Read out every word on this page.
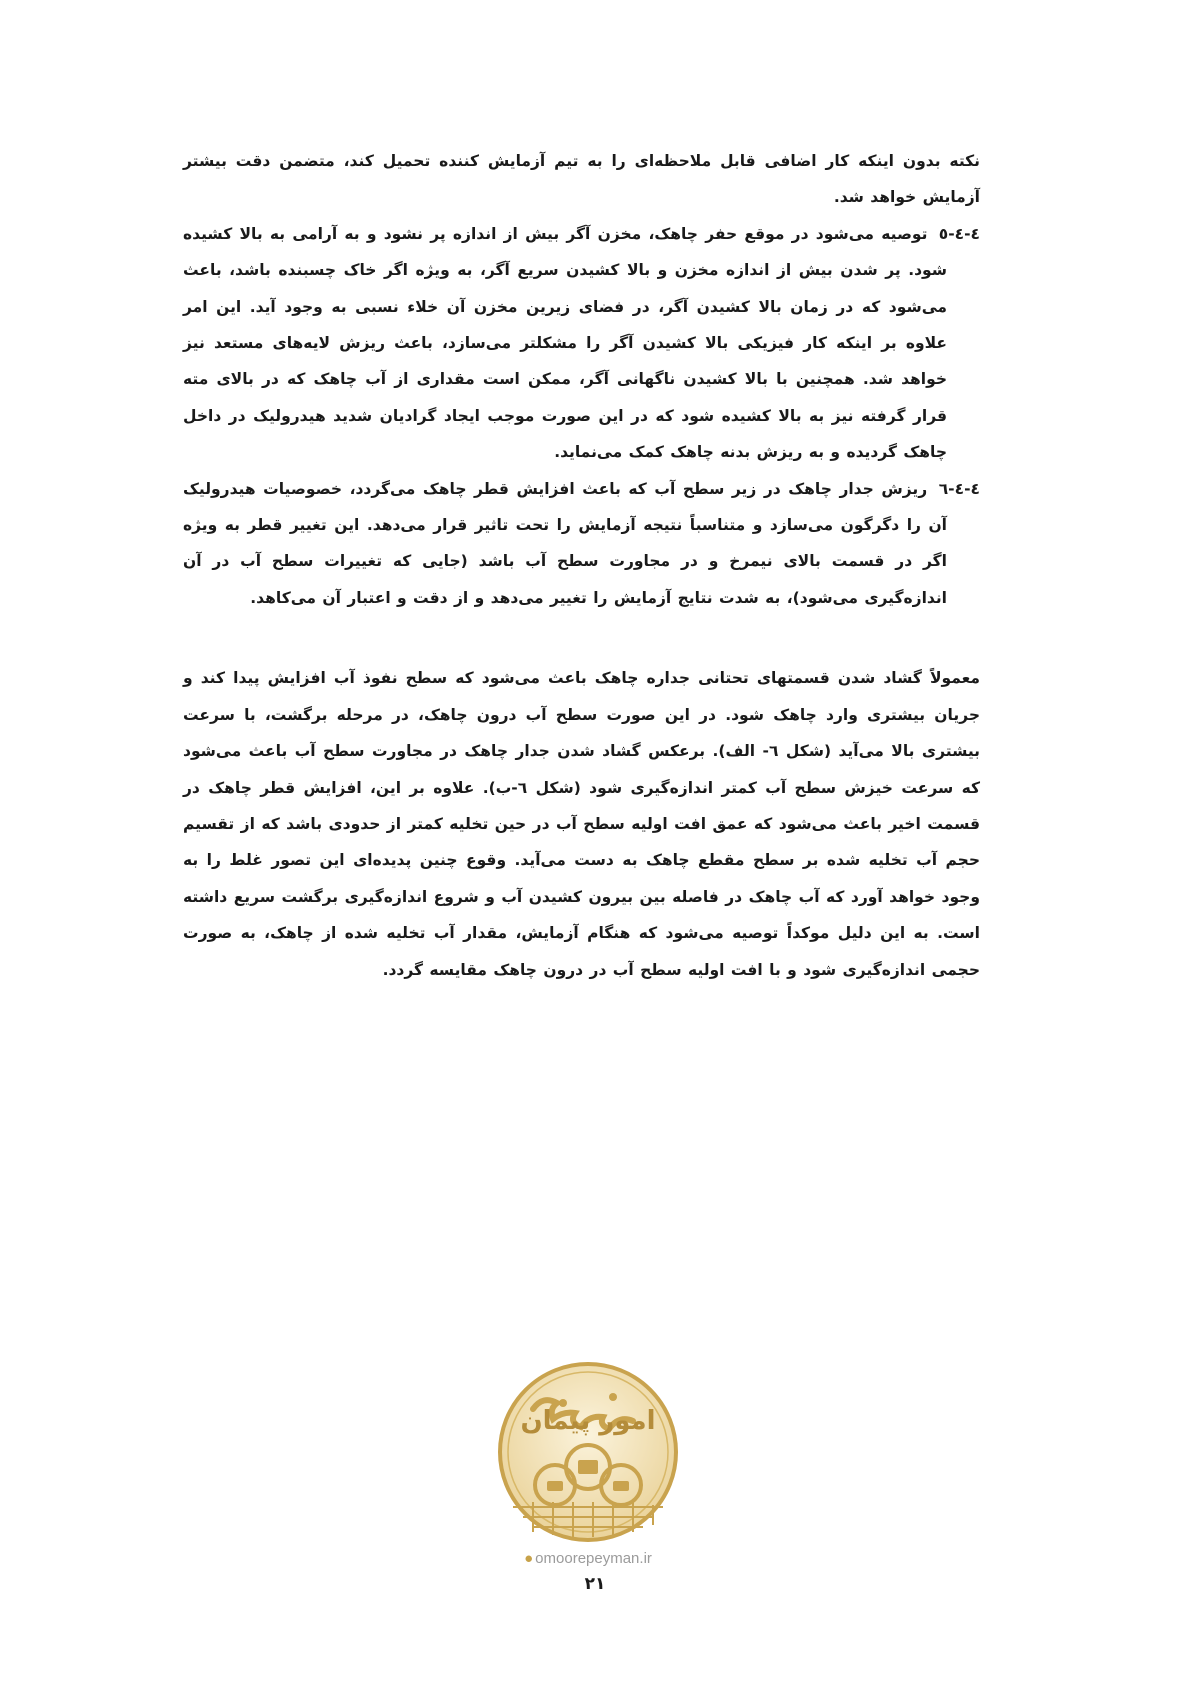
نکته بدون اینکه کار اضافی قابل ملاحظه‌ای را به تیم آزمایش کننده تحمیل کند، متضمن دقت بیشتر آزمایش خواهد شد.

٤-٤-٥ توصیه می‌شود در موقع حفر چاهک، مخزن آگر بیش از اندازه پر نشود و به آرامی به بالا کشیده شود. پر شدن بیش از اندازه مخزن و بالا کشیدن سریع آگر، به ویژه اگر خاک چسبنده باشد، باعث می‌شود که در زمان بالا کشیدن آگر، در فضای زیرین مخزن آن خلاء نسبی به وجود آید. این امر علاوه بر اینکه کار فیزیکی بالا کشیدن آگر را مشکلتر می‌سازد، باعث ریزش لایه‌های مستعد نیز خواهد شد. همچنین با بالا کشیدن ناگهانی آگر، ممکن است مقداری از آب چاهک که در بالای مته قرار گرفته نیز به بالا کشیده شود که در این صورت موجب ایجاد گرادیان شدید هیدرولیک در داخل چاهک گردیده و به ریزش بدنه چاهک کمک می‌نماید.

٤-٤-٦ ریزش جدار چاهک در زیر سطح آب که باعث افزایش قطر چاهک می‌گردد، خصوصیات هیدرولیک آن را دگرگون می‌سازد و متناسباً نتیجه آزمایش را تحت تاثیر قرار می‌دهد. این تغییر قطر به ویژه اگر در قسمت بالای نیمرخ و در مجاورت سطح آب باشد (جایی که تغییرات سطح آب در آن اندازه‌گیری می‌شود)، به شدت نتایج آزمایش را تغییر می‌دهد و از دقت و اعتبار آن می‌کاهد.

معمولاً گشاد شدن قسمتهای تحتانی جداره چاهک باعث می‌شود که سطح نفوذ آب افزایش پیدا کند و جریان بیشتری وارد چاهک شود. در این صورت سطح آب درون چاهک، در مرحله برگشت، با سرعت بیشتری بالا می‌آید (شکل ٦- الف). برعکس گشاد شدن جدار چاهک در مجاورت سطح آب باعث می‌شود که سرعت خیزش سطح آب کمتر اندازه‌گیری شود (شکل ٦-ب). علاوه بر این، افزایش قطر چاهک در قسمت اخیر باعث می‌شود که عمق افت اولیه سطح آب در حین تخلیه کمتر از حدودی باشد که از تقسیم حجم آب تخلیه شده بر سطح مقطع چاهک به دست می‌آید. وقوع چنین پدیده‌ای این تصور غلط را به وجود خواهد آورد که آب چاهک در فاصله بین بیرون کشیدن آب و شروع اندازه‌گیری برگشت سریع داشته است. به این دلیل موکداً توصیه می‌شود که هنگام آزمایش، مقدار آب تخلیه شده از چاهک، به صورت حجمی اندازه‌گیری شود و با افت اولیه سطح آب در درون چاهک مقایسه گردد.

امور پیمان
● omoorepeyman.ir
۲۱
